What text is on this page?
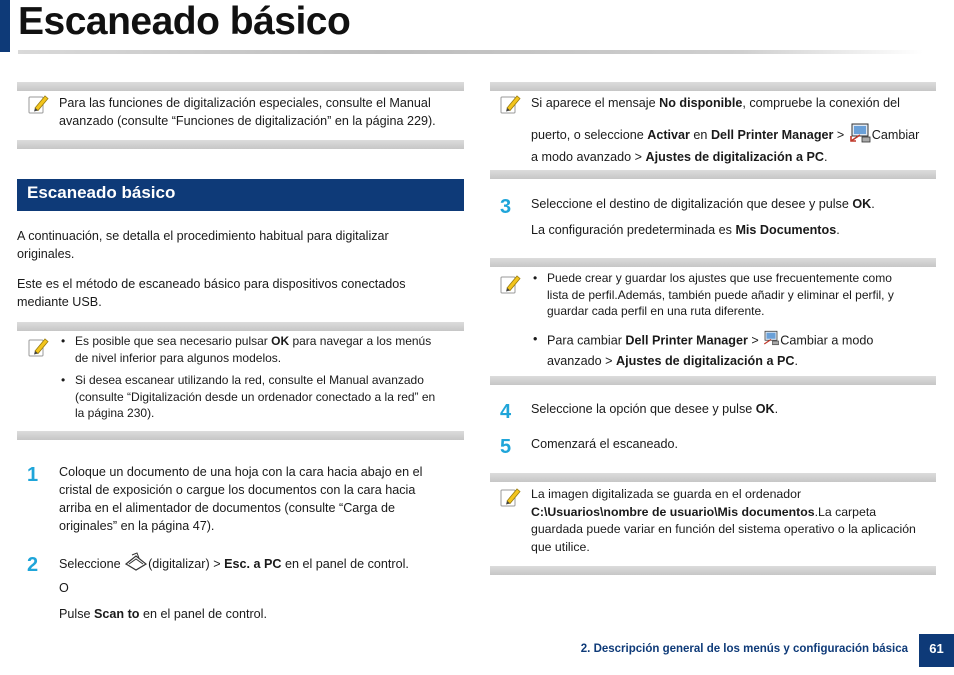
Escaneado básico
Para las funciones de digitalización especiales, consulte el Manual
avanzado (consulte “Funciones de digitalización” en la página 229).
Escaneado básico
A continuación, se detalla el procedimiento habitual para digitalizar
originales.
Este es el método de escaneado básico para dispositivos conectados
mediante USB.
• Es posible que sea necesario pulsar OK para navegar a los menús
de nivel inferior para algunos modelos.
• Si desea escanear utilizando la red, consulte el Manual avanzado
(consulte “Digitalización desde un ordenador conectado a la red” en
la página 230).
1 Coloque un documento de una hoja con la cara hacia abajo en el
cristal de exposición o cargue los documentos con la cara hacia
arriba en el alimentador de documentos (consulte “Carga de
originales” en la página 47).
2 Seleccione (digitalizar) > Esc. a PC en el panel de control.
O
Pulse Scan to en el panel de control.
Si aparece el mensaje No disponible, compruebe la conexión del
puerto, o seleccione Activar en Dell Printer Manager > Cambiar
a modo avanzado > Ajustes de digitalización a PC.
3 Seleccione el destino de digitalización que desee y pulse OK.
La configuración predeterminada es Mis Documentos.
• Puede crear y guardar los ajustes que use frecuentemente como
lista de perfil.Además, también puede añadir y eliminar el perfil, y
guardar cada perfil en una ruta diferente.
• Para cambiar Dell Printer Manager > Cambiar a modo
avanzado > Ajustes de digitalización a PC.
4 Seleccione la opción que desee y pulse OK.
5 Comenzará el escaneado.
La imagen digitalizada se guarda en el ordenador
C:\Usuarios\nombre de usuario\Mis documentos.La carpeta
guardada puede variar en función del sistema operativo o la aplicación
que utilice.
2. Descripción general de los menús y configuración básica	61
